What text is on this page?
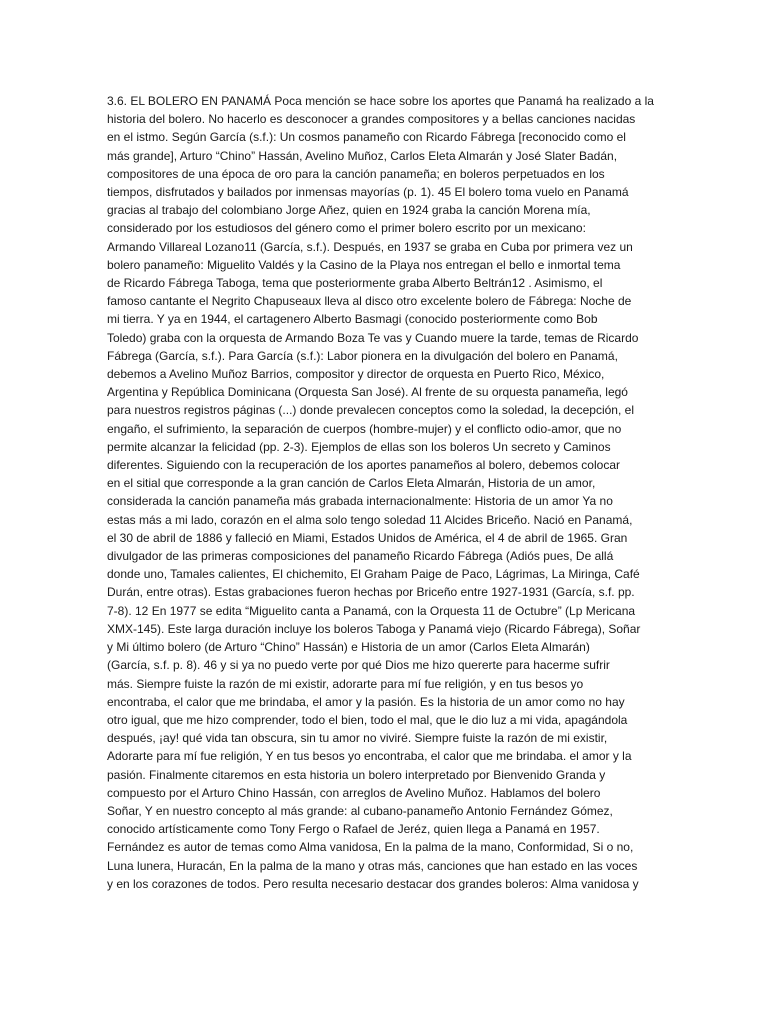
3.6. EL BOLERO EN PANAMÁ Poca mención se hace sobre los aportes que Panamá ha realizado a la
historia del bolero. No hacerlo es desconocer a grandes compositores y a bellas canciones nacidas
en el istmo. Según García (s.f.): Un cosmos panameño con Ricardo Fábrega [reconocido como el
más grande], Arturo “Chino” Hassán, Avelino Muñoz, Carlos Eleta Almarán y José Slater Badán,
compositores de una época de oro para la canción panameña; en boleros perpetuados en los
tiempos, disfrutados y bailados por inmensas mayorías (p. 1). 45 El bolero toma vuelo en Panamá
gracias al trabajo del colombiano Jorge Añez, quien en 1924 graba la canción Morena mía,
considerado por los estudiosos del género como el primer bolero escrito por un mexicano:
Armando Villareal Lozano11 (García, s.f.). Después, en 1937 se graba en Cuba por primera vez un
bolero panameño: Miguelito Valdés y la Casino de la Playa nos entregan el bello e inmortal tema
de Ricardo Fábrega Taboga, tema que posteriormente graba Alberto Beltrán12 . Asimismo, el
famoso cantante el Negrito Chapuseaux lleva al disco otro excelente bolero de Fábrega: Noche de
mi tierra. Y ya en 1944, el cartagenero Alberto Basmagi (conocido posteriormente como Bob
Toledo) graba con la orquesta de Armando Boza Te vas y Cuando muere la tarde, temas de Ricardo
Fábrega (García, s.f.). Para García (s.f.): Labor pionera en la divulgación del bolero en Panamá,
debemos a Avelino Muñoz Barrios, compositor y director de orquesta en Puerto Rico, México,
Argentina y República Dominicana (Orquesta San José). Al frente de su orquesta panameña, legó
para nuestros registros páginas (...) donde prevalecen conceptos como la soledad, la decepción, el
engaño, el sufrimiento, la separación de cuerpos (hombre-mujer) y el conflicto odio-amor, que no
permite alcanzar la felicidad (pp. 2-3). Ejemplos de ellas son los boleros Un secreto y Caminos
diferentes. Siguiendo con la recuperación de los aportes panameños al bolero, debemos colocar
en el sitial que corresponde a la gran canción de Carlos Eleta Almarán, Historia de un amor,
considerada la canción panameña más grabada internacionalmente: Historia de un amor Ya no
estas más a mi lado, corazón en el alma solo tengo soledad 11 Alcides Briceño. Nació en Panamá,
el 30 de abril de 1886 y falleció en Miami, Estados Unidos de América, el 4 de abril de 1965. Gran
divulgador de las primeras composiciones del panameño Ricardo Fábrega (Adiós pues, De allá
donde uno, Tamales calientes, El chichemito, El Graham Paige de Paco, Lágrimas, La Miringa, Café
Durán, entre otras). Estas grabaciones fueron hechas por Briceño entre 1927-1931 (García, s.f. pp.
7-8). 12 En 1977 se edita “Miguelito canta a Panamá, con la Orquesta 11 de Octubre” (Lp Mericana
XMX-145). Este larga duración incluye los boleros Taboga y Panamá viejo (Ricardo Fábrega), Soñar
y Mi último bolero (de Arturo “Chino” Hassán) e Historia de un amor (Carlos Eleta Almarán)
(García, s.f. p. 8). 46 y si ya no puedo verte por qué Dios me hizo quererte para hacerme sufrir
más. Siempre fuiste la razón de mi existir, adorarte para mí fue religión, y en tus besos yo
encontraba, el calor que me brindaba, el amor y la pasión. Es la historia de un amor como no hay
otro igual, que me hizo comprender, todo el bien, todo el mal, que le dio luz a mi vida, apagándola
después, ¡ay! qué vida tan obscura, sin tu amor no viviré. Siempre fuiste la razón de mi existir,
Adorarte para mí fue religión, Y en tus besos yo encontraba, el calor que me brindaba. el amor y la
pasión. Finalmente citaremos en esta historia un bolero interpretado por Bienvenido Granda y
compuesto por el Arturo Chino Hassán, con arreglos de Avelino Muñoz. Hablamos del bolero
Soñar, Y en nuestro concepto al más grande: al cubano-panameño Antonio Fernández Gómez,
conocido artísticamente como Tony Fergo o Rafael de Jeréz, quien llega a Panamá en 1957.
Fernández es autor de temas como Alma vanidosa, En la palma de la mano, Conformidad, Si o no,
Luna lunera, Huracán, En la palma de la mano y otras más, canciones que han estado en las voces
y en los corazones de todos. Pero resulta necesario destacar dos grandes boleros: Alma vanidosa y
